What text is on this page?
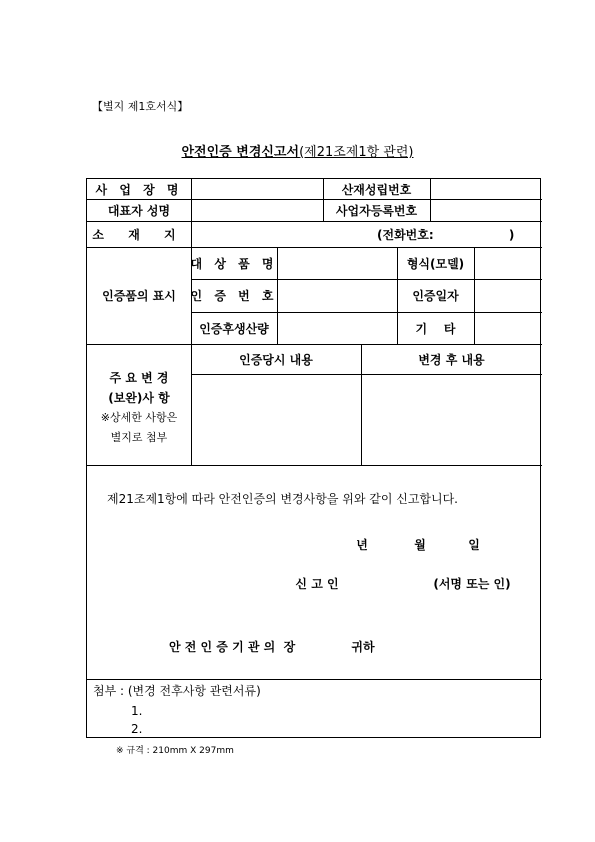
【별지 제1호서식】
안전인증 변경신고서(제21조제1항 관련)
사 업 장 명	산재성립번호
대표자 성명	사업자등록번호
소 재 지	(전화번호:                  )
인증품의 표시
대 상 품 명	형식(모델)
인 증 번 호	인증일자
인증후생산량	기    타
주 요 변 경
(보완)사 항
※상세한 사항은
별지로 첨부
인증당시 내용	변경 후 내용
제21조제1항에 따라 안전인증의 변경사항을 위와 같이 신고합니다.
년	월	일
신 고 인	(서명 또는 인)
안 전 인 증 기 관 의  장	귀하
첨부 : (변경 전후사항 관련서류)
1.
2.
※ 규격 : 210mm X 297mm
